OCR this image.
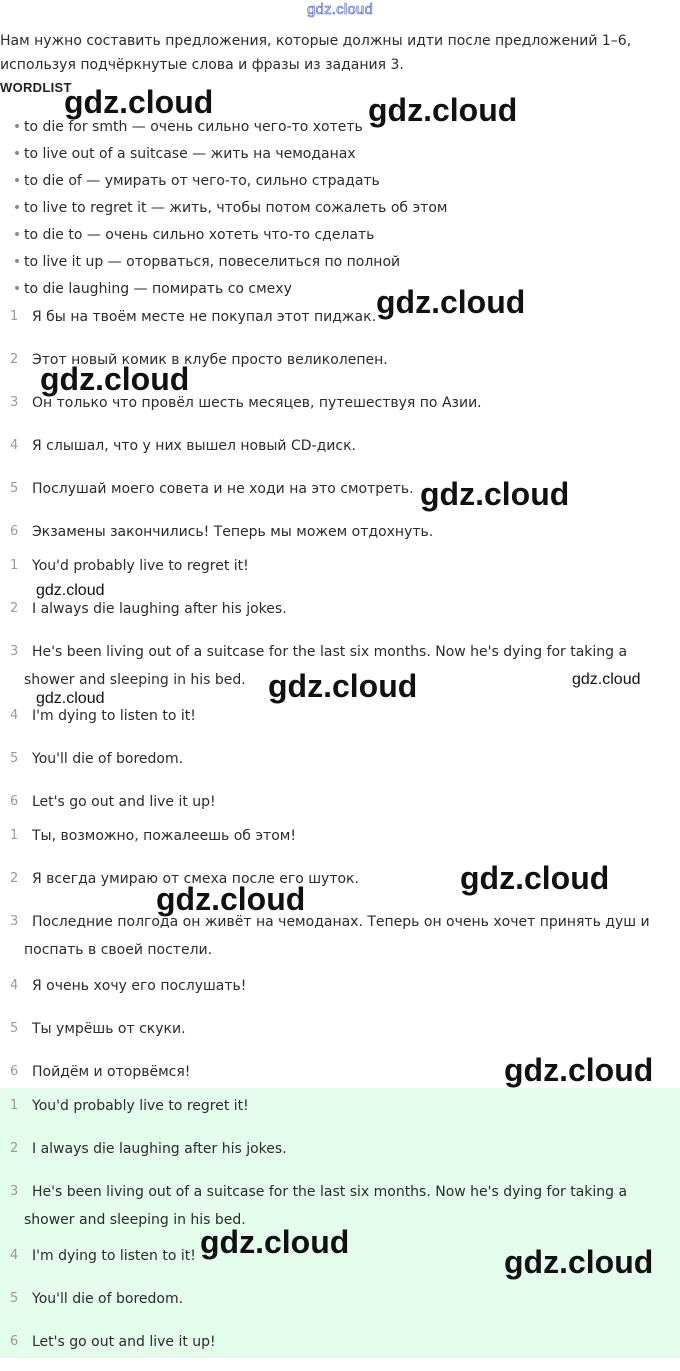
gdz.cloud

Нам нужно составить предложения, которые должны идти после предложений 1–6, используя подчёркнутые слова и фразы из задания 3.

WORDLIST
• to die for smth — очень сильно чего-то хотеть
• to live out of a suitcase — жить на чемоданах
• to die of — умирать от чего-то, сильно страдать
• to live to regret it — жить, чтобы потом сожалеть об этом
• to die to — очень сильно хотеть что-то сделать
• to live it up — оторваться, повеселиться по полной
• to die laughing — помирать со смеху
1 Я бы на твоём месте не покупал этот пиджак.
2 Этот новый комик в клубе просто великолепен.
3 Он только что провёл шесть месяцев, путешествуя по Азии.
4 Я слышал, что у них вышел новый CD-диск.
5 Послушай моего совета и не ходи на это смотреть.
6 Экзамены закончились! Теперь мы можем отдохнуть.
1 You'd probably live to regret it!
2 I always die laughing after his jokes.
3 He's been living out of a suitcase for the last six months. Now he's dying for taking a
shower and sleeping in his bed.
4 I'm dying to listen to it!
5 You'll die of boredom.
6 Let's go out and live it up!
1 Ты, возможно, пожалеешь об этом!
2 Я всегда умираю от смеха после его шуток.
3 Последние полгода он живёт на чемоданах. Теперь он очень хочет принять душ и
поспать в своей постели.
4 Я очень хочу его послушать!
5 Ты умрёшь от скуки.
6 Пойдём и оторвёмся!
1 You'd probably live to regret it!
2 I always die laughing after his jokes.
3 He's been living out of a suitcase for the last six months. Now he's dying for taking a
shower and sleeping in his bed.
4 I'm dying to listen to it!
5 You'll die of boredom.
6 Let's go out and live it up!
gdz.cloud	gdz.cloud
gdz.cloud
gdz.cloud
gdz.cloud
gdz.cloud
gdz.cloud	gdz.cloud
gdz.cloud
gdz.cloud
gdz.cloud
gdz.cloud
gdz.cloud
gdz.cloud
